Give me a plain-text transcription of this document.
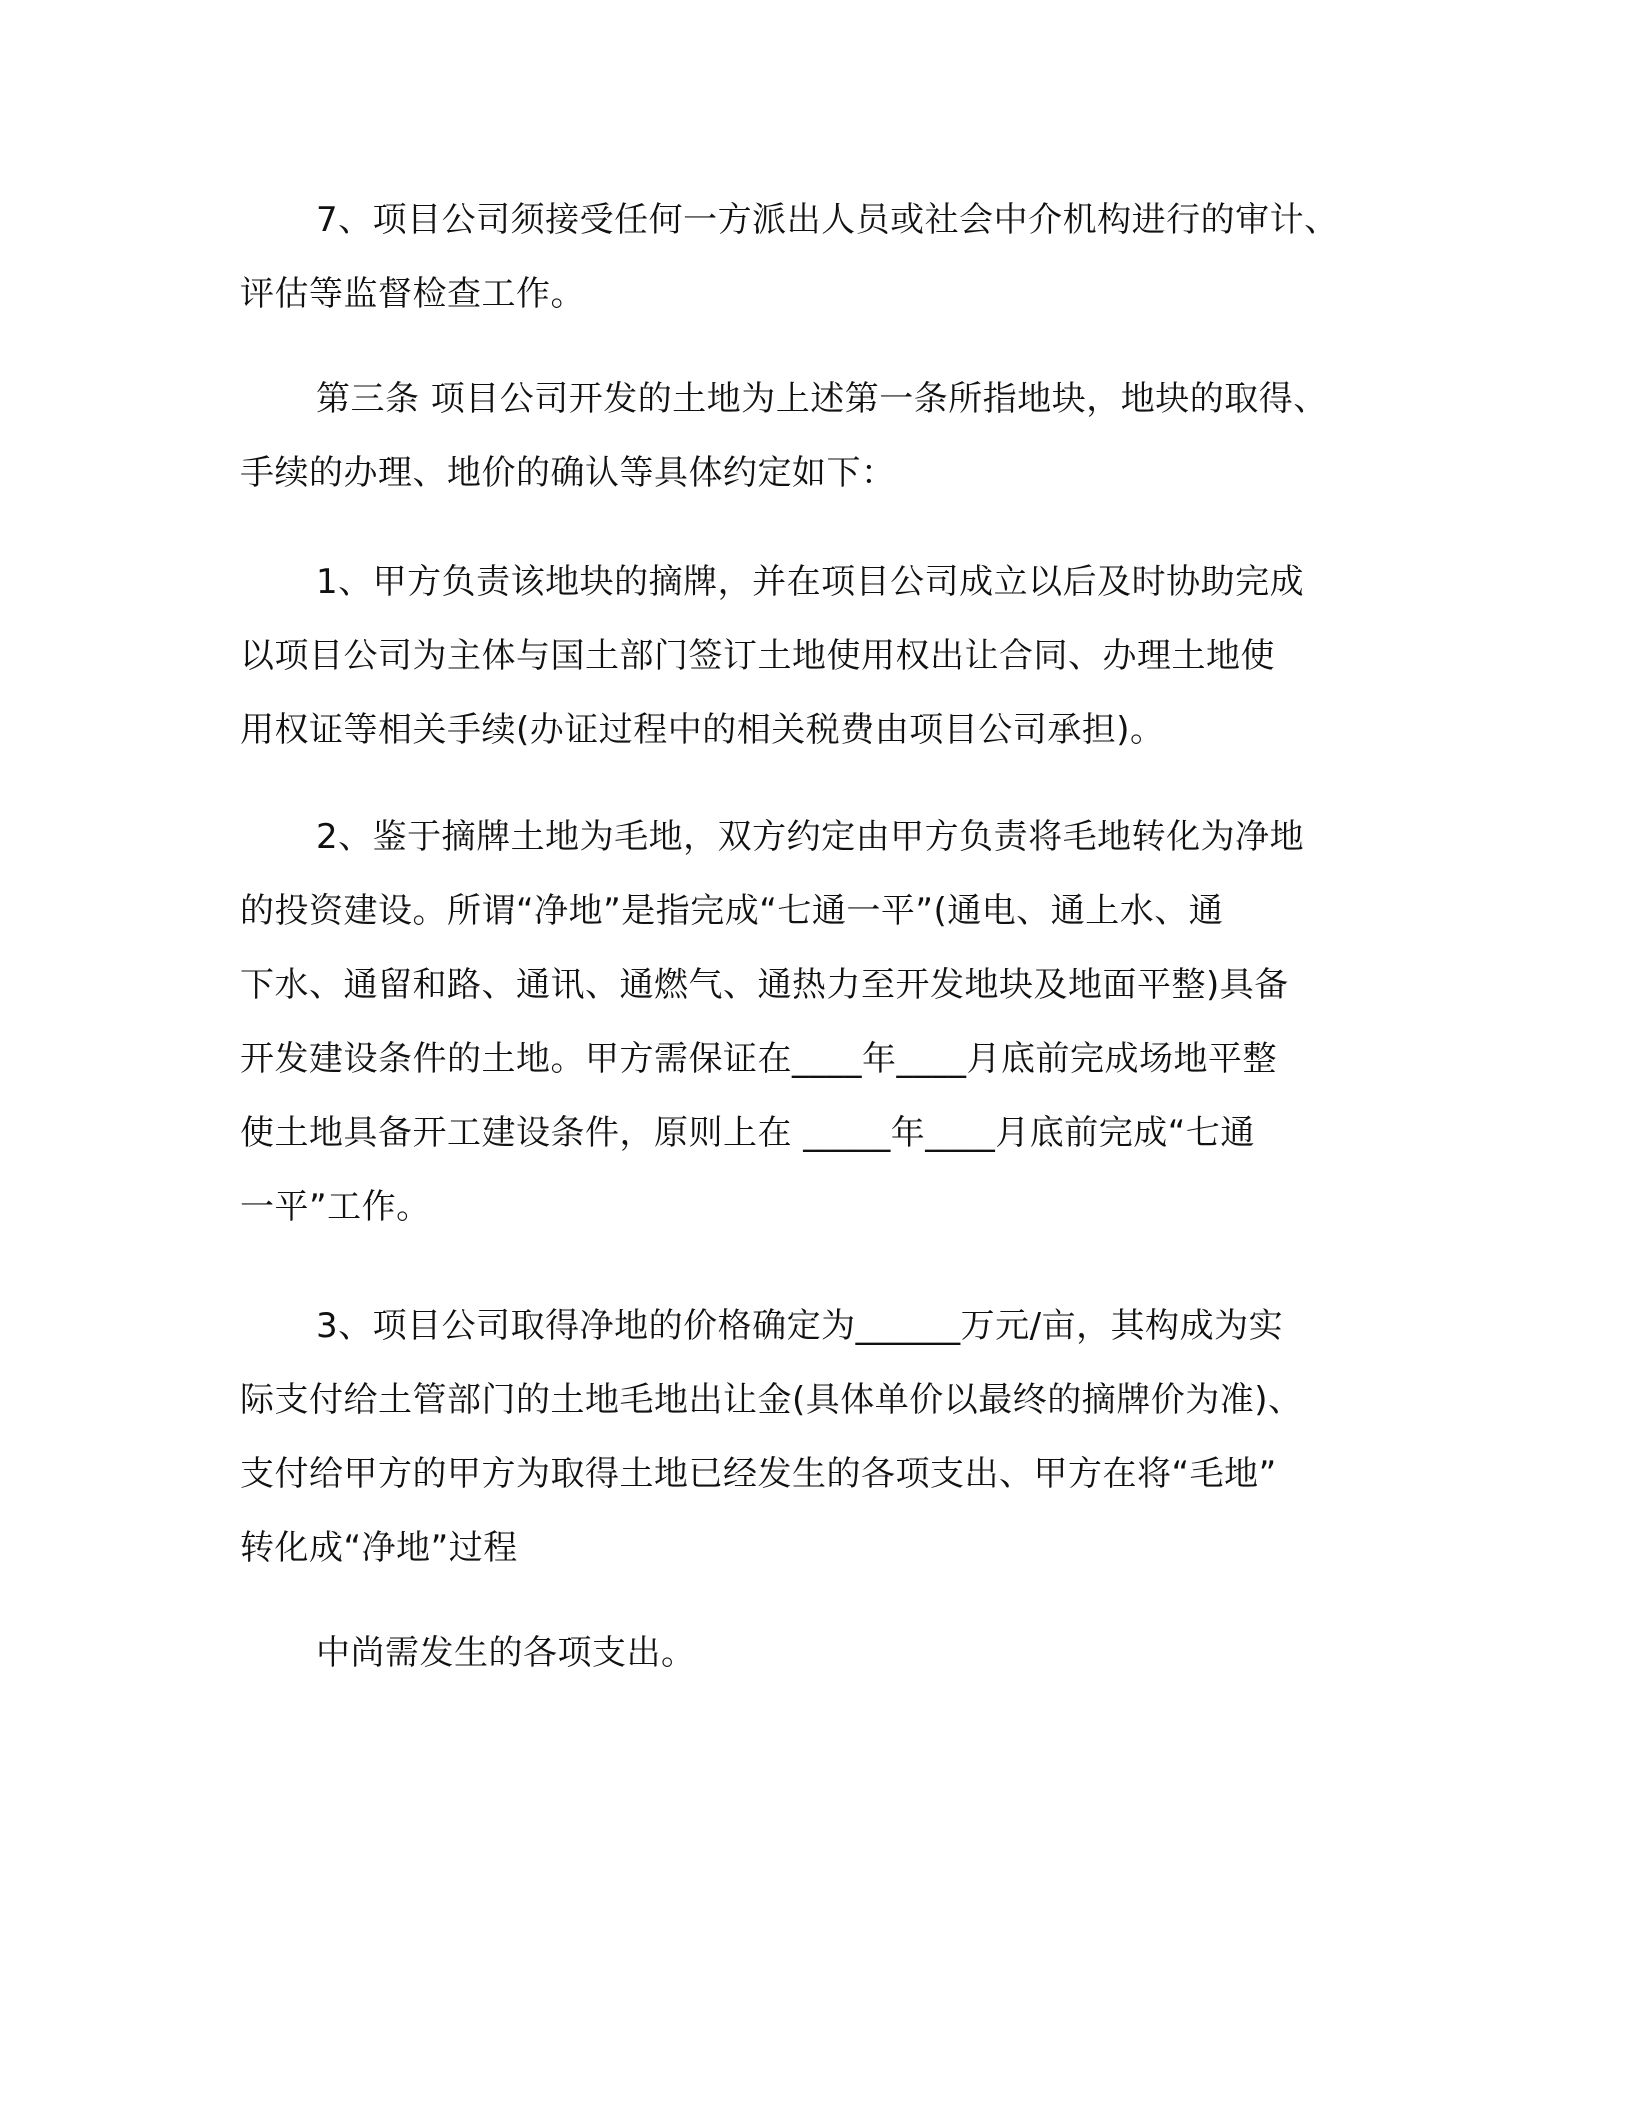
7、项目公司须接受任何一方派出人员或社会中介机构进行的审计、
评估等监督检查工作。

第三条 项目公司开发的土地为上述第一条所指地块，地块的取得、
手续的办理、地价的确认等具体约定如下：

1、甲方负责该地块的摘牌，并在项目公司成立以后及时协助完成
以项目公司为主体与国土部门签订土地使用权出让合同、办理土地使
用权证等相关手续(办证过程中的相关税费由项目公司承担)。

2、鉴于摘牌土地为毛地，双方约定由甲方负责将毛地转化为净地
的投资建设。所谓“净地”是指完成“七通一平”(通电、通上水、通
下水、通留和路、通讯、通燃气、通热力至开发地块及地面平整)具备
开发建设条件的土地。甲方需保证在____年____月底前完成场地平整
使土地具备开工建设条件，原则上在 _____年____月底前完成“七通
一平”工作。

3、项目公司取得净地的价格确定为______万元/亩，其构成为实
际支付给土管部门的土地毛地出让金(具体单价以最终的摘牌价为准)、
支付给甲方的甲方为取得土地已经发生的各项支出、甲方在将“毛地”
转化成“净地”过程

中尚需发生的各项支出。
